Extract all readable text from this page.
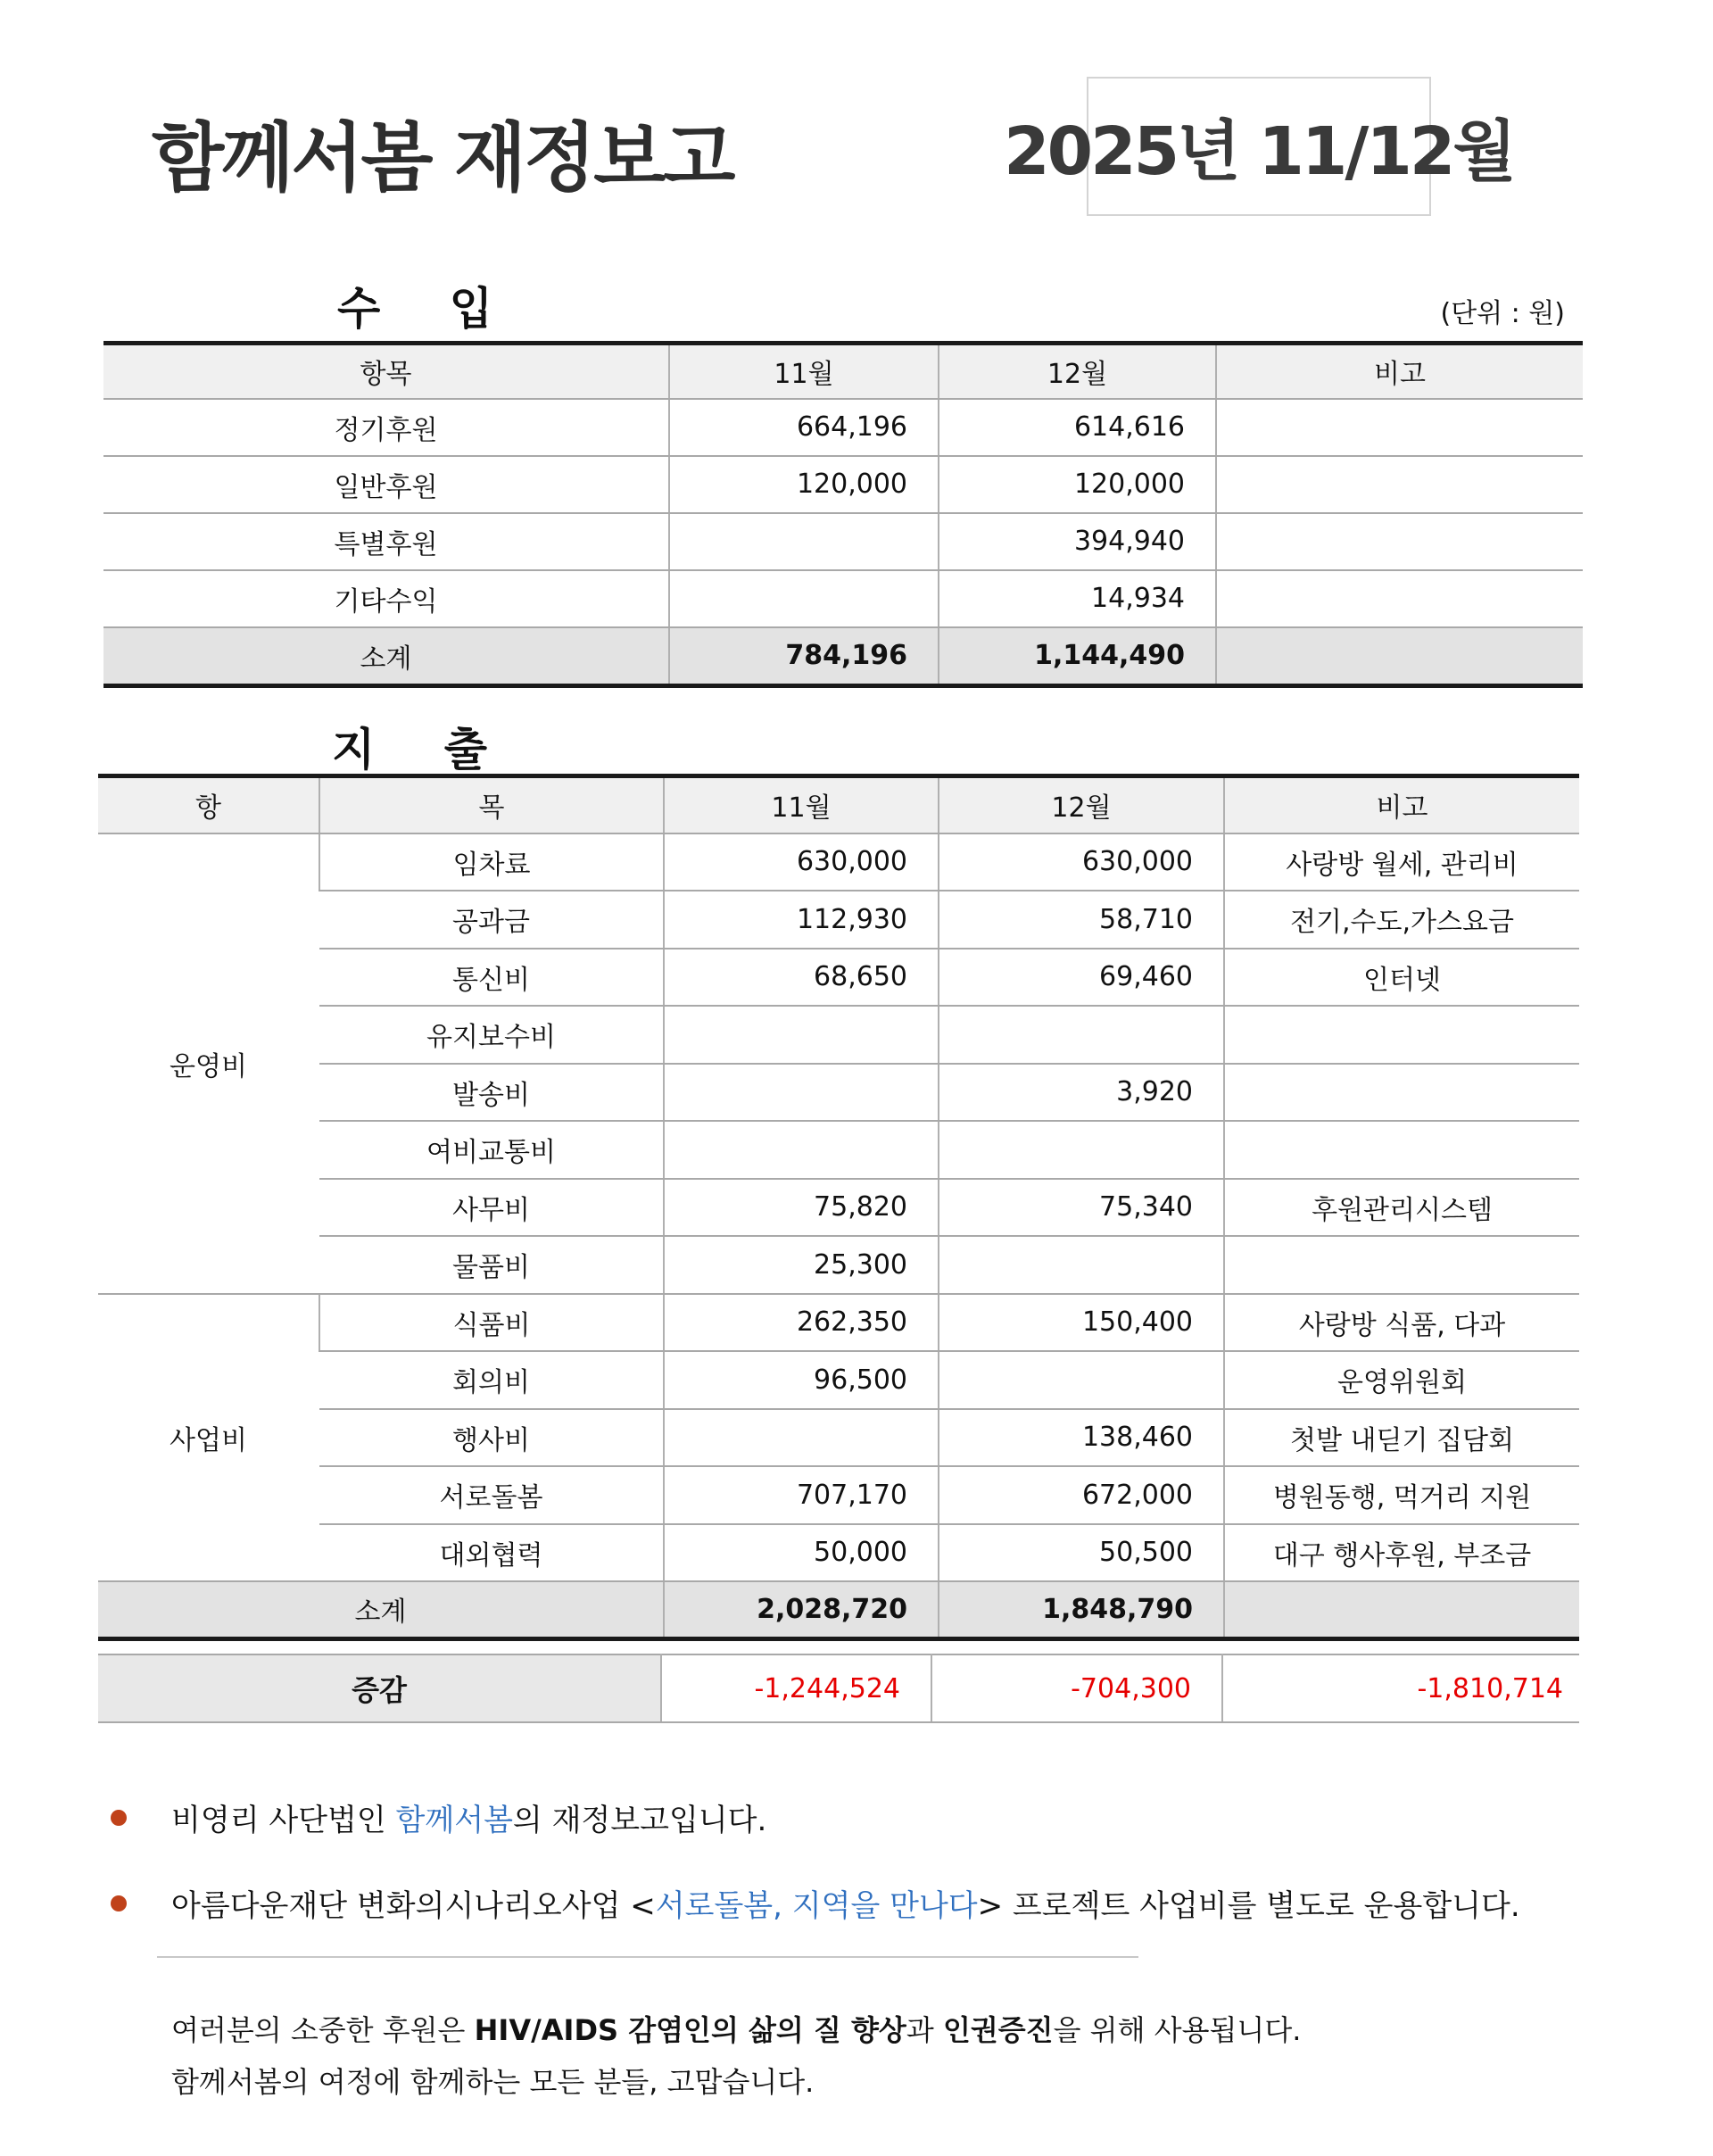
함께서봄 재정보고	2025년 11/12월
수 입	(단위 : 원)
항목	11월	12월	비고
정기후원	664,196	614,616	
일반후원	120,000	120,000	
특별후원		394,940	
기타수익		14,934	
소계	784,196	1,144,490	
지 출
항	목	11월	12월	비고
운영비	임차료	630,000	630,000	사랑방 월세, 관리비
	공과금	112,930	58,710	전기,수도,가스요금
	통신비	68,650	69,460	인터넷
	유지보수비			
	발송비		3,920	
	여비교통비			
	사무비	75,820	75,340	후원관리시스템
	물품비	25,300		
사업비	식품비	262,350	150,400	사랑방 식품, 다과
	회의비	96,500		운영위원회
	행사비		138,460	첫발 내딛기 집담회
	서로돌봄	707,170	672,000	병원동행, 먹거리 지원
	대외협력	50,000	50,500	대구 행사후원, 부조금
소계		2,028,720	1,848,790	
증감	-1,244,524	-704,300	-1,810,714
비영리 사단법인 함께서봄의 재정보고입니다.
아름다운재단 변화의시나리오사업 <서로돌봄, 지역을 만나다> 프로젝트 사업비를 별도로 운용합니다.
여러분의 소중한 후원은 HIV/AIDS 감염인의 삶의 질 향상과 인권증진을 위해 사용됩니다.
함께서봄의 여정에 함께하는 모든 분들, 고맙습니다.
